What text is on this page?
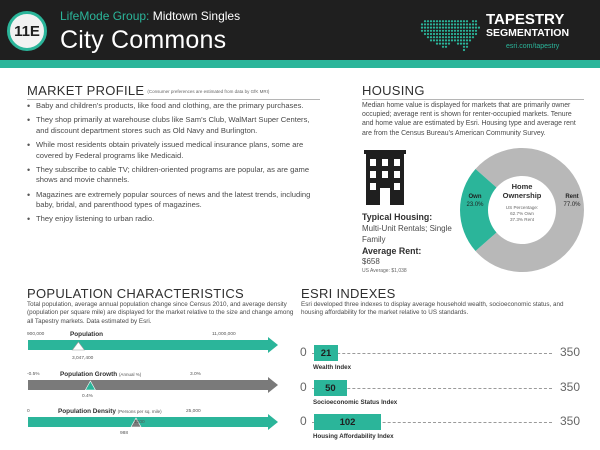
11E
LifeMode Group: Midtown Singles
City Commons
TAPESTRY
SEGMENTATION
esri.com/tapestry
MARKET PROFILE (Consumer preferences are estimated from data by GfK MRI)
• Baby and children’s products, like food and clothing, are the primary purchases.
• They shop primarily at warehouse clubs like Sam’s Club, WalMart Super Centers, and discount department stores such as Old Navy and Burlington.
• While most residents obtain privately issued medical insurance plans, some are covered by Federal programs like Medicaid.
• They subscribe to cable TV; children-oriented programs are popular, as are game shows and movie channels.
• Magazines are extremely popular sources of news and the latest trends, including baby, bridal, and parenthood types of magazines.
• They enjoy listening to urban radio.
HOUSING
Median home value is displayed for markets that are primarily owner occupied; average rent is shown for renter-occupied markets. Tenure and home value are estimated by Esri. Housing type and average rent are from the Census Bureau’s American Community Survey.
Typical Housing:
Multi-Unit Rentals; Single Family
Average Rent:
$658
US Average: $1,038
Home Ownership
US Percentage:
62.7% Own
37.3% Rent
Own
23.0%
Rent
77.0%
POPULATION CHARACTERISTICS
Total population, average annual population change since Census 2010, and average density (population per square mile) are displayed for the market relative to the size and change among all Tapestry markets. Data estimated by Esri.
900,000	Population	11,000,000
3,047,400
-0.5%	Population Growth (Annual %)	3.0%
0.4%
0	Population Density (Persons per sq. mile)	25,000
1000
988
ESRI INDEXES
Esri developed three indexes to display average household wealth, socioeconomic status, and housing affordability for the market relative to US standards.
0 21	350
Wealth Index
0 50	350
Socioeconomic Status Index
0	102	350
Housing Affordability Index
